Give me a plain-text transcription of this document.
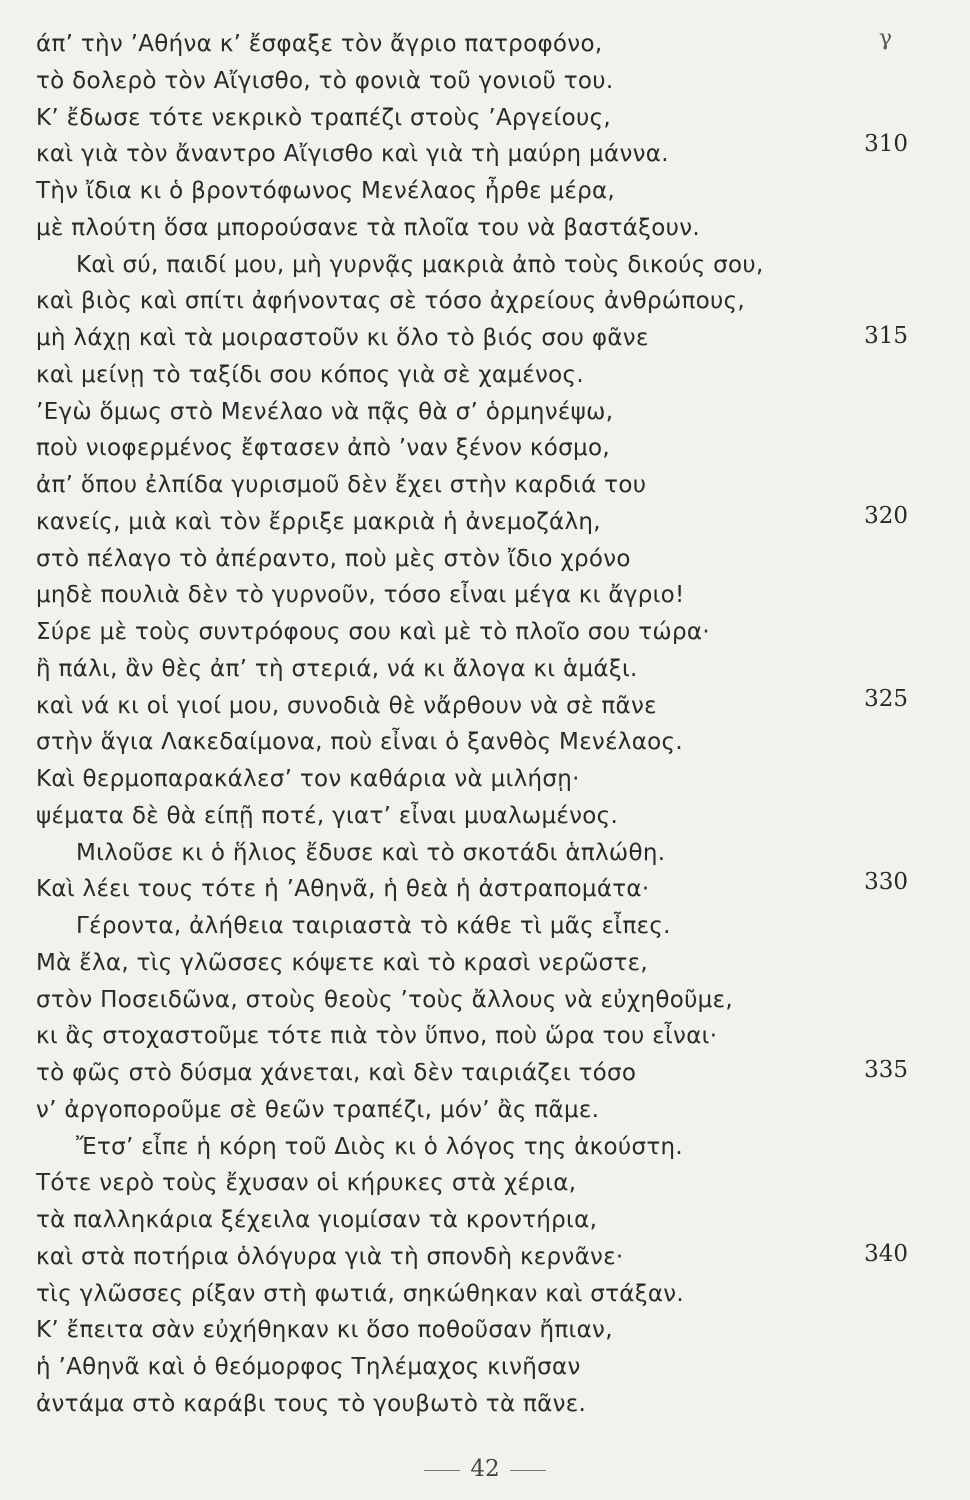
γ
άπ’ τὴν ’Αθήνα κ’ ἔσφαξε τὸν ἄγριο πατροφόνο,
τὸ δολερὸ τὸν Αἴγισθο, τὸ φονιὰ τοῦ γονιοῦ του.
Κ’ ἔδωσε τότε νεκρικὸ τραπέζι στοὺς ’Αργείους,
καὶ γιὰ τὸν ἄναντρο Αἴγισθο καὶ γιὰ τὴ μαύρη μάννα.
Τὴν ἴδια κι ὁ βροντόφωνος Μενέλαος ἦρθε μέρα,
μὲ πλούτη ὅσα μπορούσανε τὰ πλοῖα του νὰ βαστάξουν.
Καὶ σύ, παιδί μου, μὴ γυρνᾷς μακριὰ ἀπὸ τοὺς δικούς σου,
καὶ βιὸς καὶ σπίτι ἀφήνοντας σὲ τόσο ἀχρείους ἀνθρώπους,
μὴ λάχῃ καὶ τὰ μοιραστοῦν κι ὅλο τὸ βιός σου φᾶνε
καὶ μείνῃ τὸ ταξίδι σου κόπος γιὰ σὲ χαμένος.
’Εγὼ ὅμως στὸ Μενέλαο νὰ πᾷς θὰ σ’ ὁρμηνέψω,
ποὺ νιοφερμένος ἔφτασεν ἀπὸ ’ναν ξένον κόσμο,
ἀπ’ ὅπου ἐλπίδα γυρισμοῦ δὲν ἔχει στὴν καρδιά του
κανείς, μιὰ καὶ τὸν ἔρριξε μακριὰ ἡ ἀνεμοζάλη,
στὸ πέλαγο τὸ ἀπέραντο, ποὺ μὲς στὸν ἴδιο χρόνο
μηδὲ πουλιὰ δὲν τὸ γυρνοῦν, τόσο εἶναι μέγα κι ἄγριο!
Σύρε μὲ τοὺς συντρόφους σου καὶ μὲ τὸ πλοῖο σου τώρα·
ἢ πάλι, ἂν θὲς ἀπ’ τὴ στεριά, νά κι ἄλογα κι ἁμάξι.
καὶ νά κι οἱ γιοί μου, συνοδιὰ θὲ νἄρθουν νὰ σὲ πᾶνε
στὴν ἅγια Λακεδαίμονα, ποὺ εἶναι ὁ ξανθὸς Μενέλαος.
Καὶ θερμοπαρακάλεσ’ τον καθάρια νὰ μιλήσῃ·
ψέματα δὲ θὰ είπῇ ποτέ, γιατ’ εἶναι μυαλωμένος.
Μιλοῦσε κι ὁ ἥλιος ἔδυσε καὶ τὸ σκοτάδι ἁπλώθη.
Καὶ λέει τους τότε ἡ ’Αθηνᾶ, ἡ θεὰ ἡ ἀστραπομάτα·
Γέροντα, ἀλήθεια ταιριαστὰ τὸ κάθε τὶ μᾶς εἶπες.
Μὰ ἔλα, τὶς γλῶσσες κόψετε καὶ τὸ κρασὶ νερῶστε,
στὸν Ποσειδῶνα, στοὺς θεοὺς ’τοὺς ἄλλους νὰ εὐχηθοῦμε,
κι ἂς στοχαστοῦμε τότε πιὰ τὸν ὕπνο, ποὺ ὥρα του εἶναι·
τὸ φῶς στὸ δύσμα χάνεται, καὶ δὲν ταιριάζει τόσο
ν’ ἀργοποροῦμε σὲ θεῶν τραπέζι, μόν’ ἂς πᾶμε.
Ἔτσ’ εἶπε ἡ κόρη τοῦ Διὸς κι ὁ λόγος της ἀκούστη.
Τότε νερὸ τοὺς ἔχυσαν οἱ κήρυκες στὰ χέρια,
τὰ παλληκάρια ξέχειλα γιομίσαν τὰ κροντήρια,
καὶ στὰ ποτήρια ὁλόγυρα γιὰ τὴ σπονδὴ κερνᾶνε·
τὶς γλῶσσες ρίξαν στὴ φωτιά, σηκώθηκαν καὶ στάξαν.
Κ’ ἔπειτα σὰν εὐχήθηκαν κι ὅσο ποθοῦσαν ἤπιαν,
ἡ ’Αθηνᾶ καὶ ὁ θεόμορφος Τηλέμαχος κινῆσαν
ἀντάμα στὸ καράβι τους τὸ γουβωτὸ τὰ πᾶνε.
310
315
320
325
330
335
340
42
